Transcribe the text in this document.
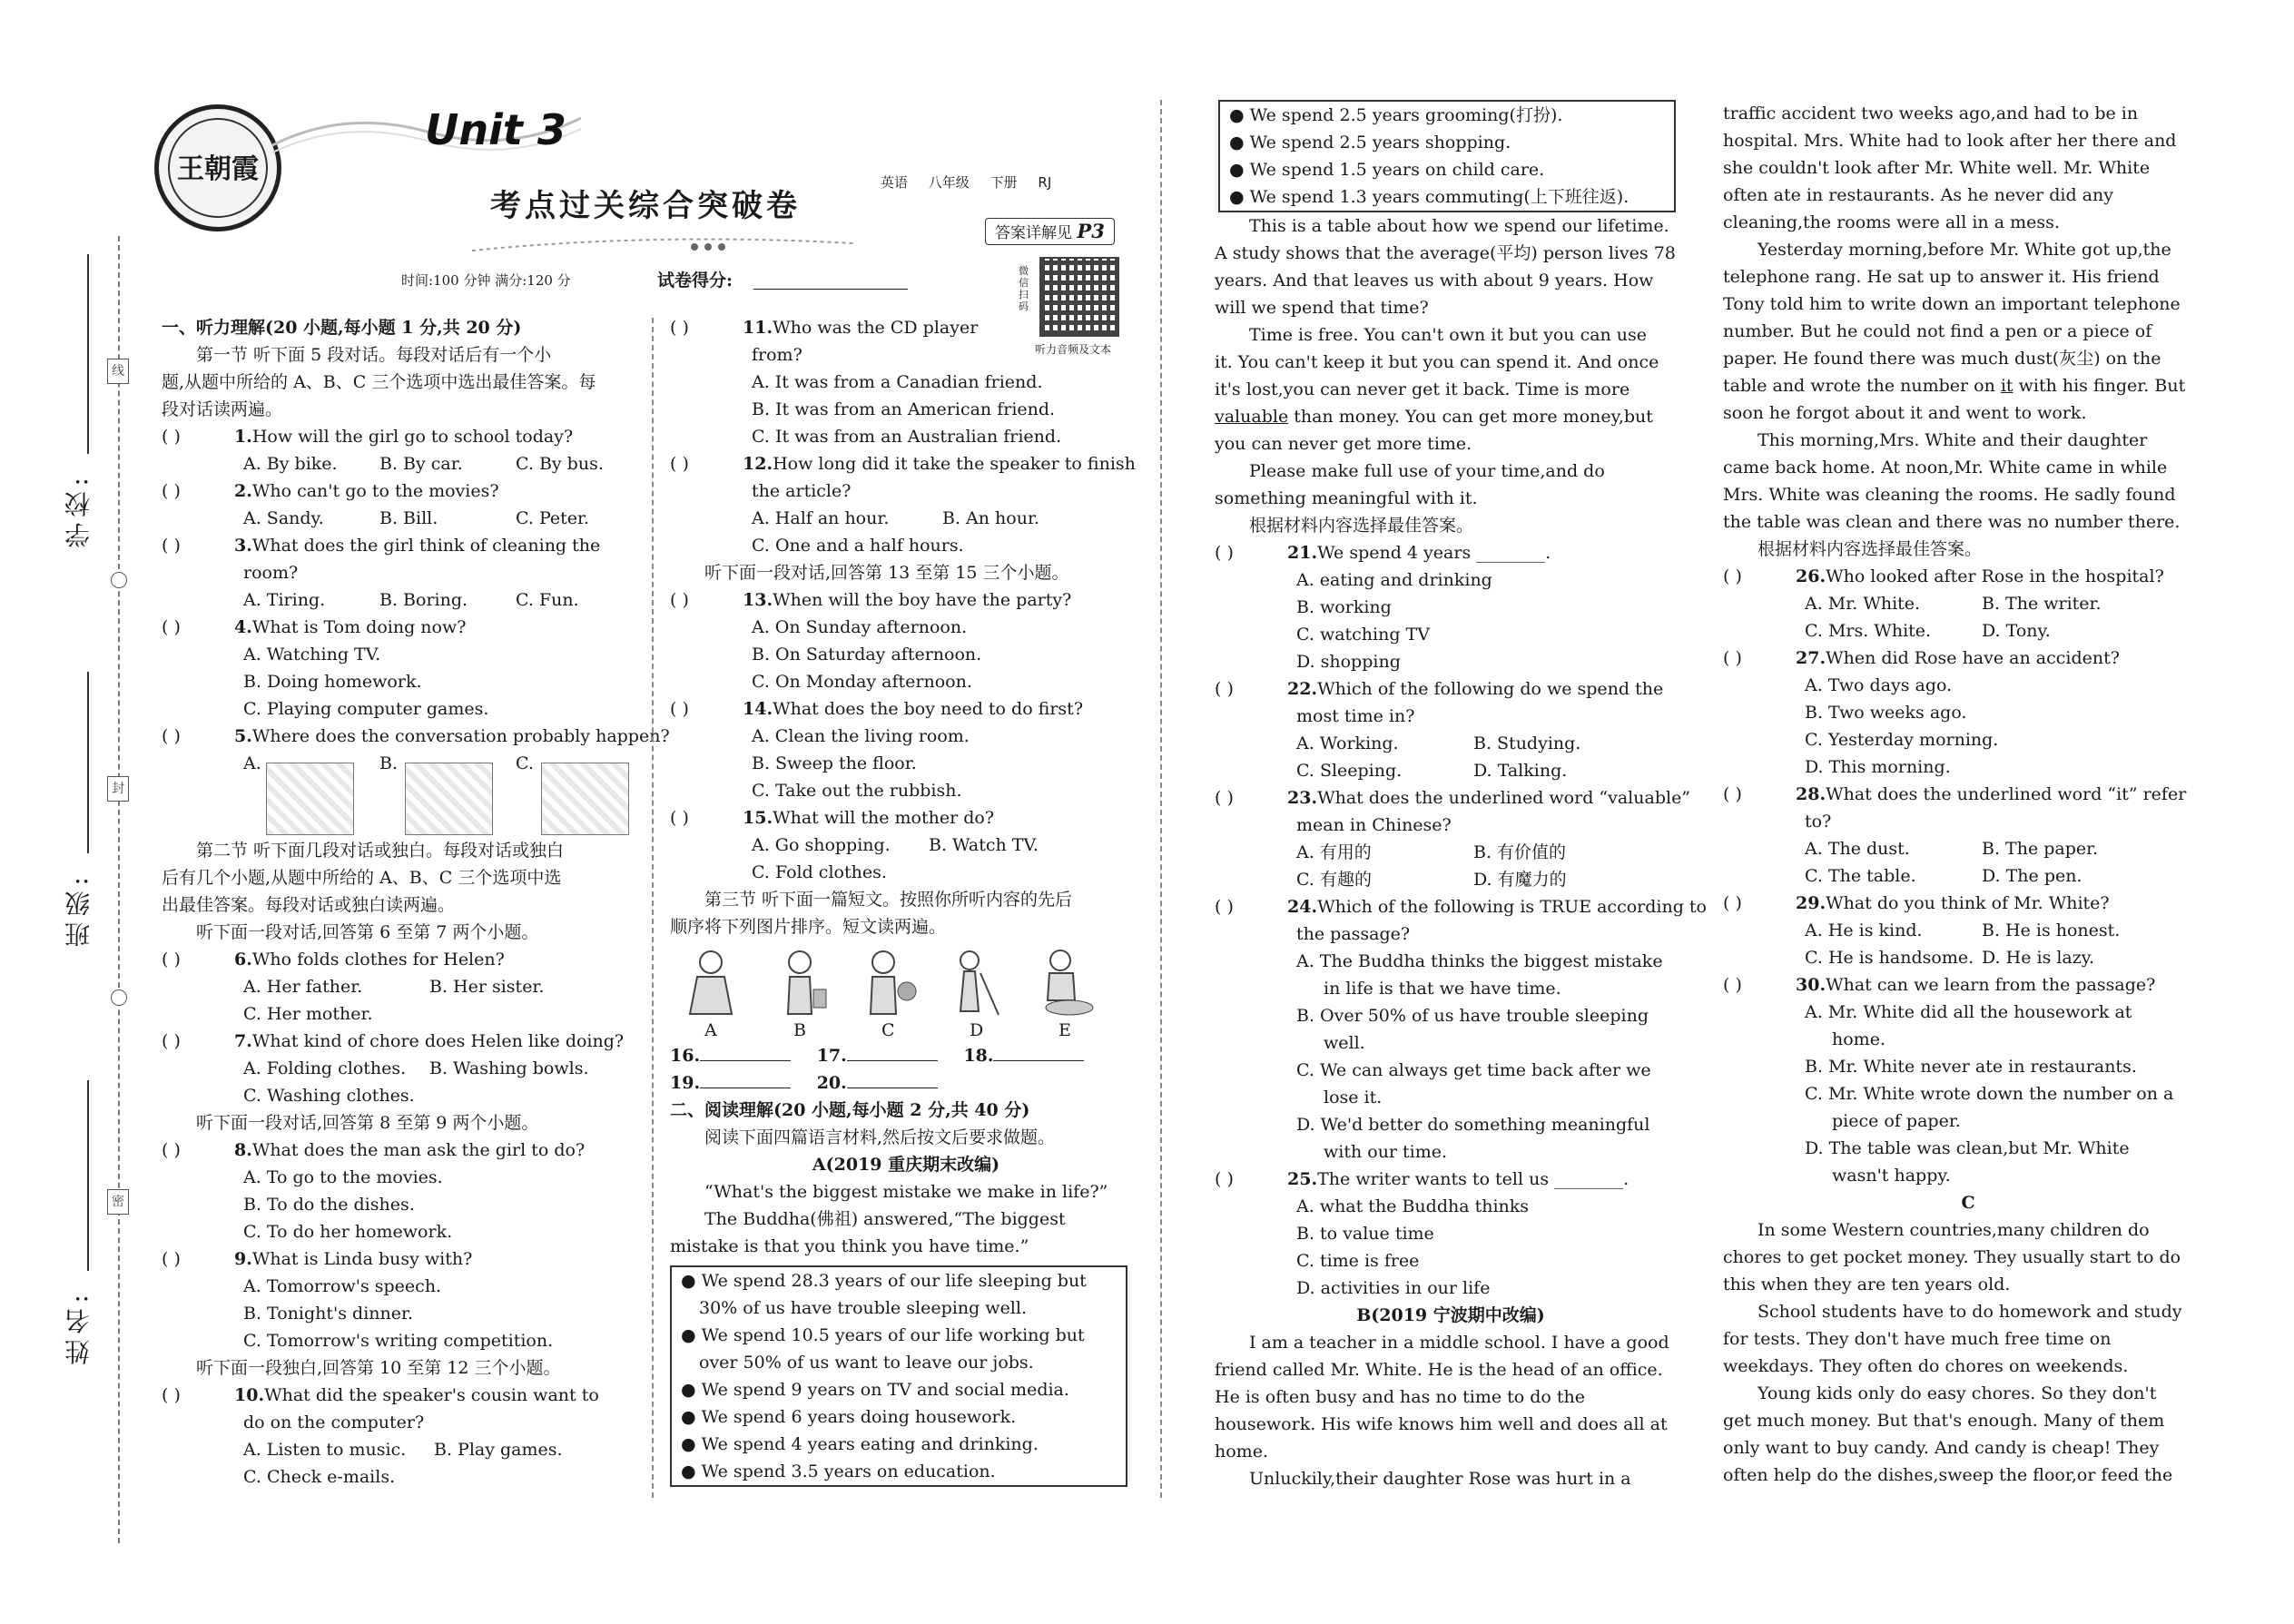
学校:
班级:
姓名:
线
封
密
王朝霞
Unit 3
考点过关综合突破卷
英语 八年级 下册 RJ
答案详解见 P3
时间:100 分钟 满分:120 分	试卷得分:	微信扫码
听力音频及文本

一、听力理解(20 小题,每小题 1 分,共 20 分)

第一节 听下面 5 段对话。每段对话后有一个小

题,从题中所给的 A、B、C 三个选项中选出最佳答案。每

段对话读两遍。

( )	1.How will the girl go to school today?
A. By bike. B. By car.	C. By bus.
( )	2.Who can't go to the movies?
A. Sandy.	B. Bill.	C. Peter.
( )	3.What does the girl think of cleaning the
room?
A. Tiring.	B. Boring.	C. Fun.
( )	4.What is Tom doing now?
A. Watching TV.
B. Doing homework.
C. Playing computer games.
( )	5.Where does the conversation probably happen?
A.	B.	C.

第二节 听下面几段对话或独白。每段对话或独白

后有几个小题,从题中所给的 A、B、C 三个选项中选

出最佳答案。每段对话或独白读两遍。

听下面一段对话,回答第 6 至第 7 两个小题。

( )	6.Who folds clothes for Helen?
A. Her father.	B. Her sister.
C. Her mother.
( )	7.What kind of chore does Helen like doing?
A. Folding clothes. B. Washing bowls.
C. Washing clothes.

听下面一段对话,回答第 8 至第 9 两个小题。

( )	8.What does the man ask the girl to do?
A. To go to the movies.
B. To do the dishes.
C. To do her homework.
( )	9.What is Linda busy with?
A. Tomorrow's speech.
B. Tonight's dinner.
C. Tomorrow's writing competition.

听下面一段独白,回答第 10 至第 12 三个小题。

( )	10.What did the speaker's cousin want to
do on the computer?
A. Listen to music. B. Play games.
C. Check e-mails.
( )	11.Who was the CD player
from?
A. It was from a Canadian friend.
B. It was from an American friend.
C. It was from an Australian friend.
( )	12.How long did it take the speaker to finish
the article?
A. Half an hour.	B. An hour.
C. One and a half hours.

听下面一段对话,回答第 13 至第 15 三个小题。

( )	13.When will the boy have the party?
A. On Sunday afternoon.
B. On Saturday afternoon.
C. On Monday afternoon.
( )	14.What does the boy need to do first?
A. Clean the living room.
B. Sweep the floor.
C. Take out the rubbish.
( )	15.What will the mother do?
A. Go shopping. B. Watch TV.
C. Fold clothes.

第三节 听下面一篇短文。按照你所听内容的先后

顺序将下列图片排序。短文读两遍。

A	B	C	D	E
16.	17.	18.
19.	20.

二、阅读理解(20 小题,每小题 2 分,共 40 分)

阅读下面四篇语言材料,然后按文后要求做题。

A(2019 重庆期末改编)

“What's the biggest mistake we make in life?”

The Buddha(佛祖) answered,“The biggest

mistake is that you think you have time.”

● We spend 28.3 years of our life sleeping but

30% of us have trouble sleeping well.

● We spend 10.5 years of our life working but

over 50% of us want to leave our jobs.

● We spend 9 years on TV and social media.

● We spend 6 years doing housework.

● We spend 4 years eating and drinking.

● We spend 3.5 years on education.

● We spend 2.5 years grooming(打扮).

● We spend 2.5 years shopping.

● We spend 1.5 years on child care.

● We spend 1.3 years commuting(上下班往返).

This is a table about how we spend our lifetime.

A study shows that the average(平均) person lives 78

years. And that leaves us with about 9 years. How

will we spend that time?

Time is free. You can't own it but you can use

it. You can't keep it but you can spend it. And once

it's lost,you can never get it back. Time is more

valuable than money. You can get more money,but

you can never get more time.

Please make full use of your time,and do

something meaningful with it.

根据材料内容选择最佳答案。

( )	21.We spend 4 years ________.
A. eating and drinking
B. working
C. watching TV
D. shopping
( )	22.Which of the following do we spend the
most time in?
A. Working.	B. Studying.
C. Sleeping.	D. Talking.
( )	23.What does the underlined word “valuable”
mean in Chinese?
A. 有用的	B. 有价值的
C. 有趣的	D. 有魔力的
( )	24.Which of the following is TRUE according to
the passage?
A. The Buddha thinks the biggest mistake
in life is that we have time.
B. Over 50% of us have trouble sleeping
well.
C. We can always get time back after we
lose it.
D. We'd better do something meaningful
with our time.
( )	25.The writer wants to tell us ________.
A. what the Buddha thinks
B. to value time
C. time is free
D. activities in our life

B(2019 宁波期中改编)

I am a teacher in a middle school. I have a good

friend called Mr. White. He is the head of an office.

He is often busy and has no time to do the

housework. His wife knows him well and does all at

home.

Unluckily,their daughter Rose was hurt in a

traffic accident two weeks ago,and had to be in

hospital. Mrs. White had to look after her there and

she couldn't look after Mr. White well. Mr. White

often ate in restaurants. As he never did any

cleaning,the rooms were all in a mess.

Yesterday morning,before Mr. White got up,the

telephone rang. He sat up to answer it. His friend

Tony told him to write down an important telephone

number. But he could not find a pen or a piece of

paper. He found there was much dust(灰尘) on the

table and wrote the number on it with his finger. But

soon he forgot about it and went to work.

This morning,Mrs. White and their daughter

came back home. At noon,Mr. White came in while

Mrs. White was cleaning the rooms. He sadly found

the table was clean and there was no number there.

根据材料内容选择最佳答案。

( )	26.Who looked after Rose in the hospital?
A. Mr. White.	B. The writer.
C. Mrs. White.	D. Tony.
( )	27.When did Rose have an accident?
A. Two days ago.
B. Two weeks ago.
C. Yesterday morning.
D. This morning.
( )	28.What does the underlined word “it” refer
to?
A. The dust.	B. The paper.
C. The table.	D. The pen.
( )	29.What do you think of Mr. White?
A. He is kind.	B. He is honest.
C. He is handsome. D. He is lazy.
( )	30.What can we learn from the passage?
A. Mr. White did all the housework at
home.
B. Mr. White never ate in restaurants.
C. Mr. White wrote down the number on a
piece of paper.
D. The table was clean,but Mr. White
wasn't happy.

C

In some Western countries,many children do

chores to get pocket money. They usually start to do

this when they are ten years old.

School students have to do homework and study

for tests. They don't have much free time on

weekdays. They often do chores on weekends.

Young kids only do easy chores. So they don't

get much money. But that's enough. Many of them

only want to buy candy. And candy is cheap! They

often help do the dishes,sweep the floor,or feed the
